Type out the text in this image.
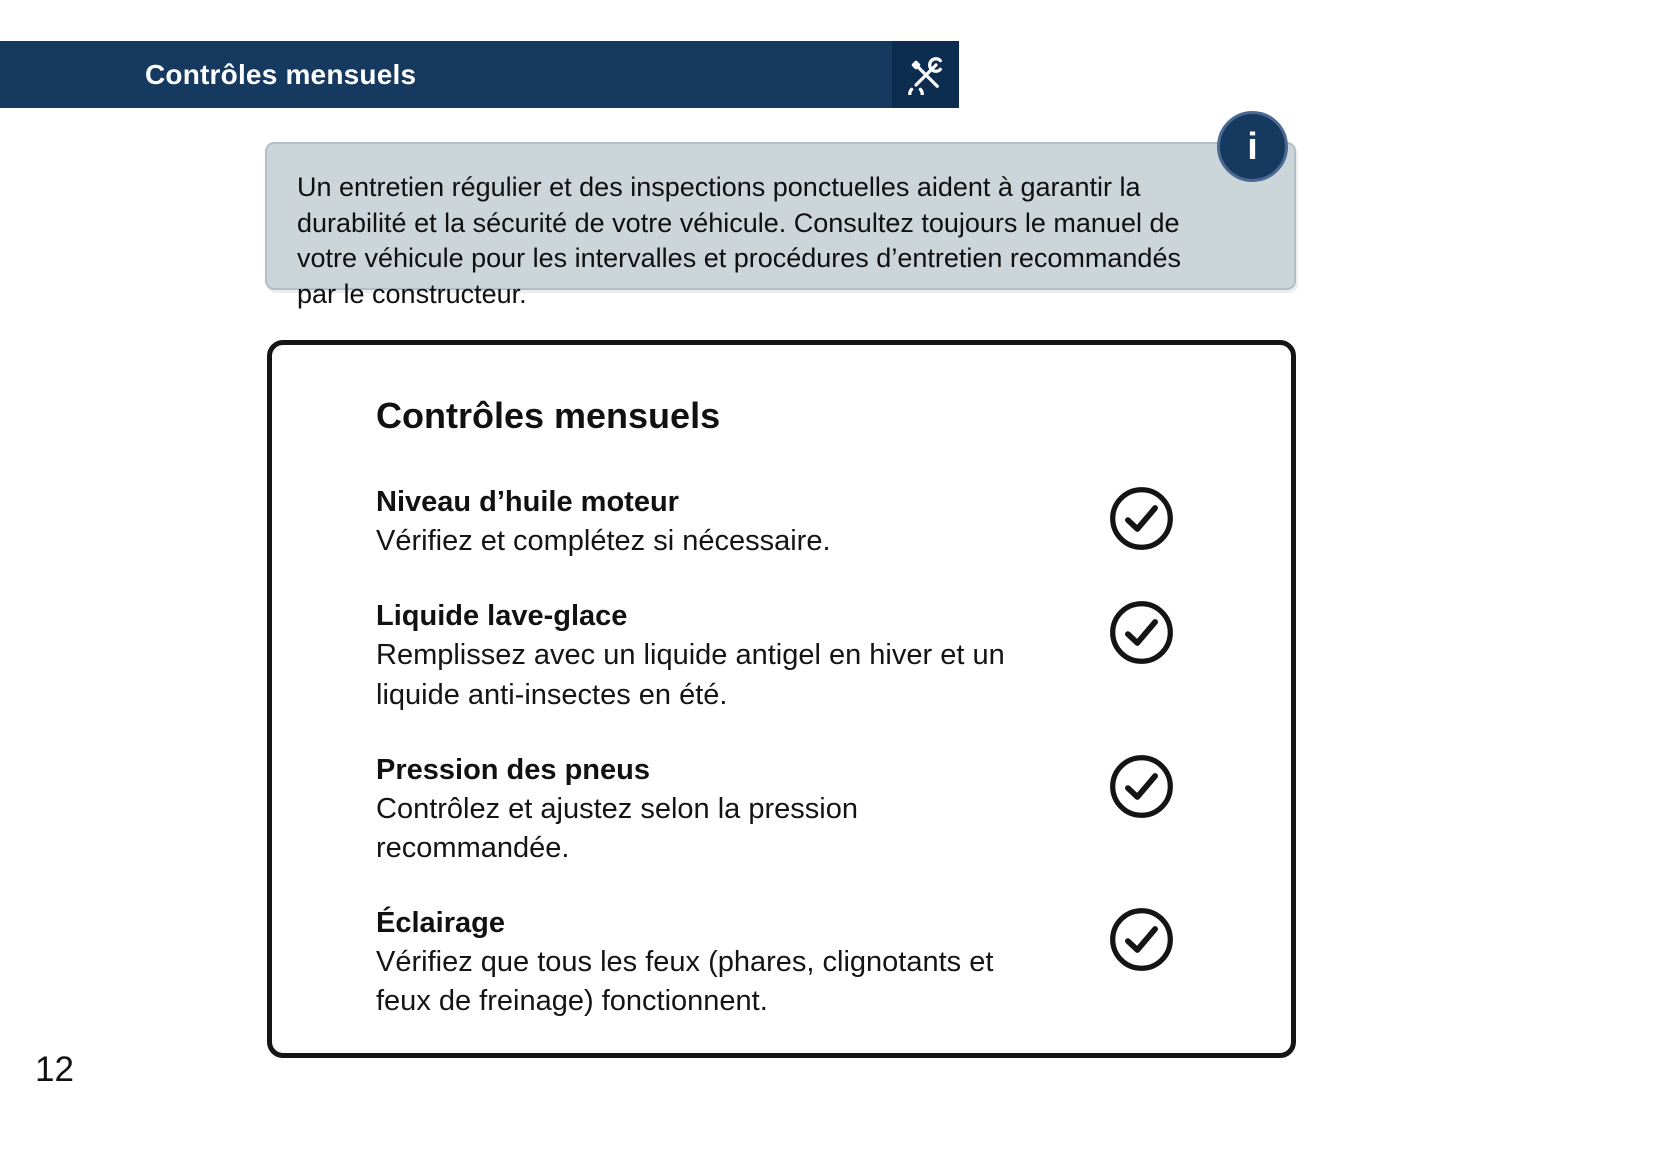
Contrôles mensuels
i

Un entretien régulier et des inspections ponctuelles aident à garantir la durabilité et la sécurité de votre véhicule. Consultez toujours le manuel de votre véhicule pour les intervalles et procédures d’entretien recommandés par le constructeur.

Contrôles mensuels
Niveau d’huile moteur
Vérifiez et complétez si nécessaire.
Liquide lave-glace
Remplissez avec un liquide antigel en hiver et un liquide anti-insectes en été.
Pression des pneus
Contrôlez et ajustez selon la pression recommandée.
Éclairage
Vérifiez que tous les feux (phares, clignotants et feux de freinage) fonctionnent.
12
